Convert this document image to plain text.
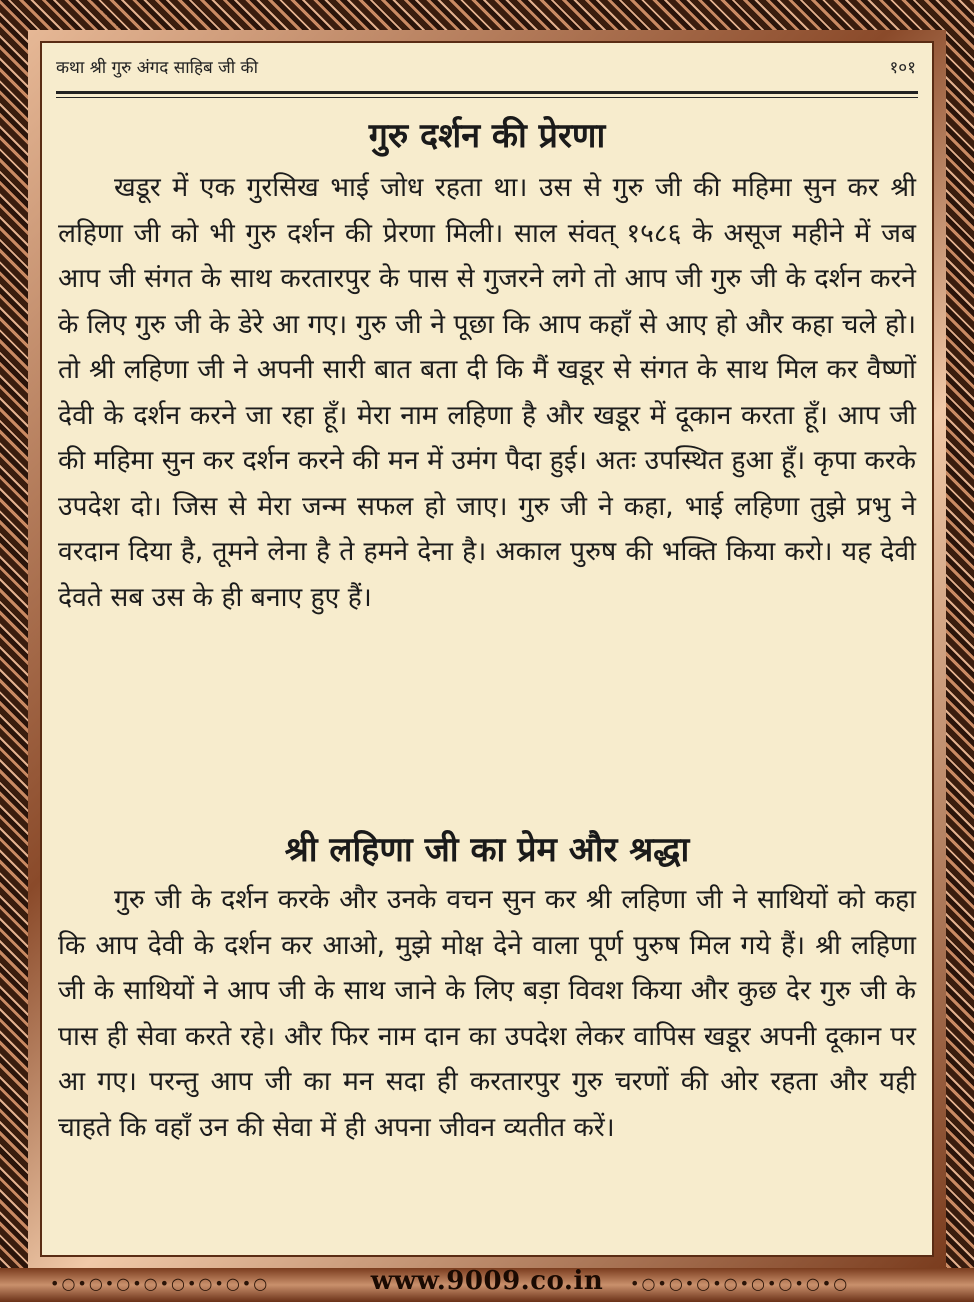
कथा श्री गुरु अंगद साहिब जी की	१०१
गुरु दर्शन की प्रेरणा

खडूर में एक गुरसिख भाई जोध रहता था। उस से गुरु जी की महिमा सुन कर श्री लहिणा जी को भी गुरु दर्शन की प्रेरणा मिली। साल संवत् १५८६ के असूज महीने में जब आप जी संगत के साथ करतारपुर के पास से गुजरने लगे तो आप जी गुरु जी के दर्शन करने के लिए गुरु जी के डेरे आ गए। गुरु जी ने पूछा कि आप कहाँ से आए हो और कहा चले हो। तो श्री लहिणा जी ने अपनी सारी बात बता दी कि मैं खडूर से संगत के साथ मिल कर वैष्णों देवी के दर्शन करने जा रहा हूँ। मेरा नाम लहिणा है और खडूर में दूकान करता हूँ। आप जी की महिमा सुन कर दर्शन करने की मन में उमंग पैदा हुई। अतः उपस्थित हुआ हूँ। कृपा करके उपदेश दो। जिस से मेरा जन्म सफल हो जाए। गुरु जी ने कहा, भाई लहिणा तुझे प्रभु ने वरदान दिया है, तूमने लेना है ते हमने देना है। अकाल पुरुष की भक्ति किया करो। यह देवी देवते सब उस के ही बनाए हुए हैं।

श्री लहिणा जी का प्रेम और श्रद्धा

गुरु जी के दर्शन करके और उनके वचन सुन कर श्री लहिणा जी ने साथियों को कहा कि आप देवी के दर्शन कर आओ, मुझे मोक्ष देने वाला पूर्ण पुरुष मिल गये हैं। श्री लहिणा जी के साथियों ने आप जी के साथ जाने के लिए बड़ा विवश किया और कुछ देर गुरु जी के पास ही सेवा करते रहे। और फिर नाम दान का उपदेश लेकर वापिस खडूर अपनी दूकान पर आ गए। परन्तु आप जी का मन सदा ही करतारपुर गुरु चरणों की ओर रहता और यही चाहते कि वहाँ उन की सेवा में ही अपना जीवन व्यतीत करें।

•○•○•○•○•○•○•○•○	•○•○•○•○•○•○•○•○
www.9009.co.in
